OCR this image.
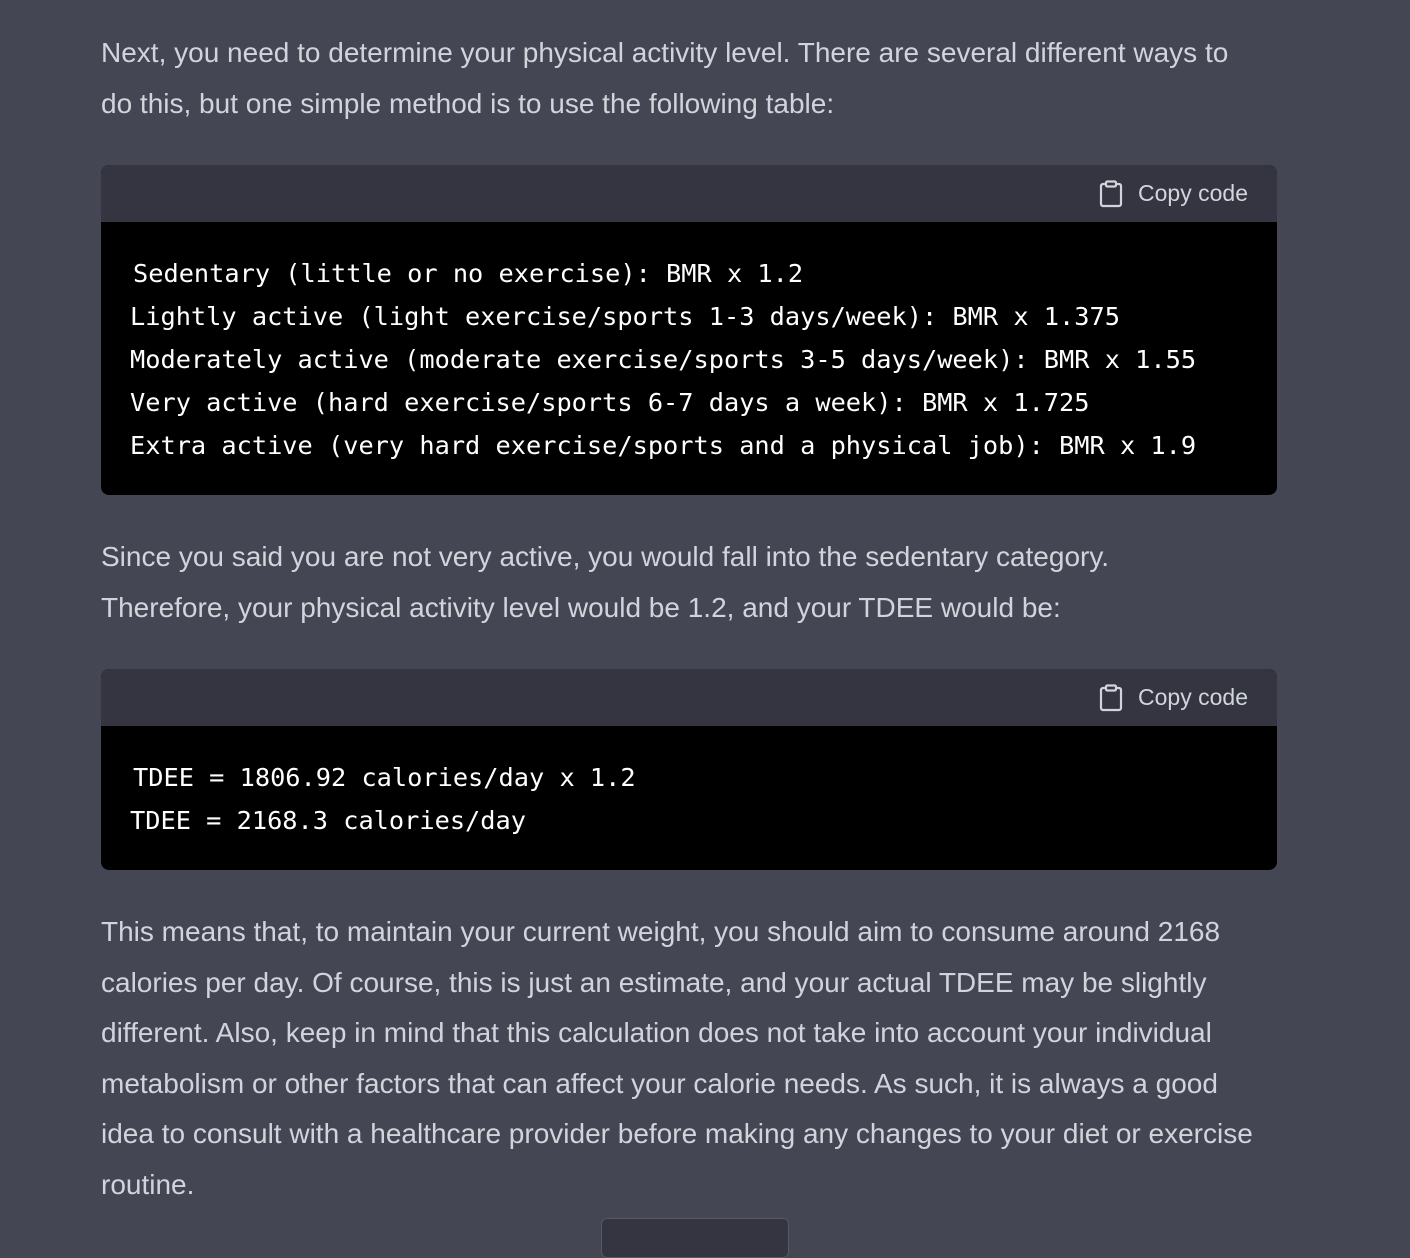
Next, you need to determine your physical activity level. There are several different ways to do this, but one simple method is to use the following table:

Copy code
Sedentary (little or no exercise): BMR x 1.2
Lightly active (light exercise/sports 1-3 days/week): BMR x 1.375
Moderately active (moderate exercise/sports 3-5 days/week): BMR x 1.55
Very active (hard exercise/sports 6-7 days a week): BMR x 1.725
Extra active (very hard exercise/sports and a physical job): BMR x 1.9

Since you said you are not very active, you would fall into the sedentary category. Therefore, your physical activity level would be 1.2, and your TDEE would be:

Copy code
TDEE = 1806.92 calories/day x 1.2
TDEE = 2168.3 calories/day

This means that, to maintain your current weight, you should aim to consume around 2168 calories per day. Of course, this is just an estimate, and your actual TDEE may be slightly different. Also, keep in mind that this calculation does not take into account your individual metabolism or other factors that can affect your calorie needs. As such, it is always a good idea to consult with a healthcare provider before making any changes to your diet or exercise routine.
